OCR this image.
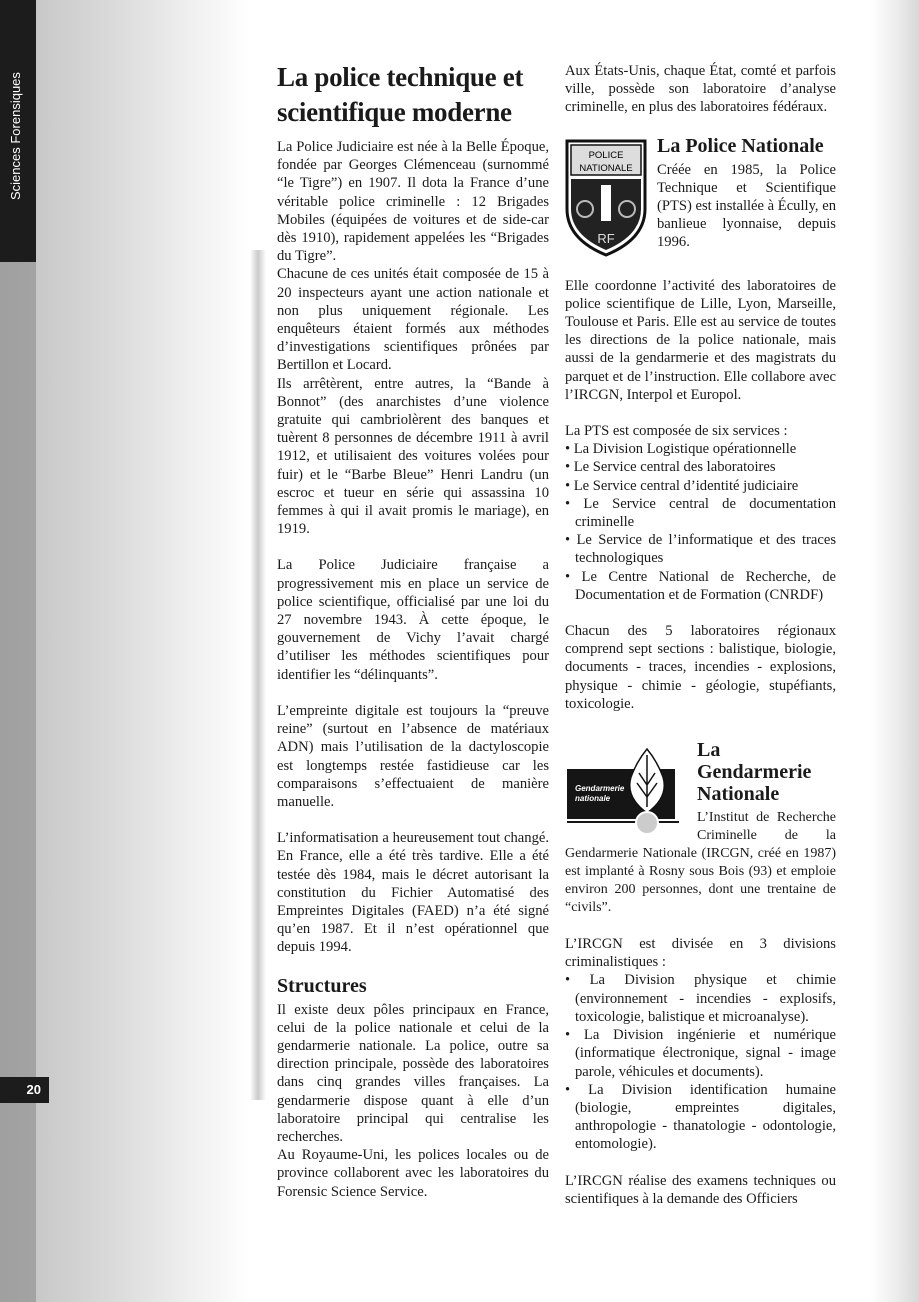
Sciences Forensiques
20
La police technique et scientifique moderne

La Police Judiciaire est née à la Belle Époque, fondée par Georges Clémenceau (surnommé “le Tigre”) en 1907. Il dota la France d’une véritable police criminelle : 12 Brigades Mobiles (équipées de voitures et de side-car dès 1910), rapidement appelées les “Brigades du Tigre”.

Chacune de ces unités était composée de 15 à 20 inspecteurs ayant une action nationale et non plus uniquement régionale. Les enquêteurs étaient formés aux méthodes d’investigations scientifiques prônées par Bertillon et Locard.

Ils arrêtèrent, entre autres, la “Bande à Bonnot” (des anarchistes d’une violence gratuite qui cambriolèrent des banques et tuèrent 8 personnes de décembre 1911 à avril 1912, et utilisaient des voitures volées pour fuir) et le “Barbe Bleue” Henri Landru (un escroc et tueur en série qui assassina 10 femmes à qui il avait promis le mariage), en 1919.

La Police Judiciaire française a progressivement mis en place un service de police scientifique, officialisé par une loi du 27 novembre 1943. À cette époque, le gouvernement de Vichy l’avait chargé d’utiliser les méthodes scientifiques pour identifier les “délinquants”.

L’empreinte digitale est toujours la “preuve reine” (surtout en l’absence de matériaux ADN) mais l’utilisation de la dactyloscopie est longtemps restée fastidieuse car les comparaisons s’effectuaient de manière manuelle.

L’informatisation a heureusement tout changé. En France, elle a été très tardive. Elle a été testée dès 1984, mais le décret autorisant la constitution du Fichier Automatisé des Empreintes Digitales (FAED) n’a été signé qu’en 1987. Et il n’est opérationnel que depuis 1994.

Structures

Il existe deux pôles principaux en France, celui de la police nationale et celui de la gendarmerie nationale. La police, outre sa direction principale, possède des laboratoires dans cinq grandes villes françaises. La gendarmerie dispose quant à elle d’un laboratoire principal qui centralise les recherches.

Au Royaume-Uni, les polices locales ou de province collaborent avec les laboratoires du Forensic Science Service.

Aux États-Unis, chaque État, comté et parfois ville, possède son laboratoire d’analyse criminelle, en plus des laboratoires fédéraux.

POLICE
NATIONALE
RF
La Police Nationale

Créée en 1985, la Police Technique et Scientifique (PTS) est installée à Écully, en banlieue lyonnaise, depuis 1996.

Elle coordonne l’activité des laboratoires de police scientifique de Lille, Lyon, Marseille, Toulouse et Paris. Elle est au service de toutes les directions de la police nationale, mais aussi de la gendarmerie et des magistrats du parquet et de l’instruction. Elle collabore avec l’IRCGN, Interpol et Europol.

La PTS est composée de six services :

• La Division Logistique opérationnelle
• Le Service central des laboratoires
• Le Service central d’identité judiciaire
• Le Service central de documentation criminelle
• Le Service de l’informatique et des traces technologiques
• Le Centre National de Recherche, de Documentation et de Formation (CNRDF)

Chacun des 5 laboratoires régionaux comprend sept sections : balistique, biologie, documents - traces, incendies - explosions, physique - chimie - géologie, stupéfiants, toxicologie.

Gendarmerie
nationale
La Gendarmerie Nationale

L’Institut de Recherche Criminelle de la Gendarmerie Nationale (IRCGN, créé en 1987) est implanté à Rosny sous Bois (93) et emploie environ 200 personnes, dont une trentaine de “civils”.

L’IRCGN est divisée en 3 divisions criminalistiques :

• La Division physique et chimie (environnement - incendies - explosifs, toxicologie, balistique et microanalyse).
• La Division ingénierie et numérique (informatique électronique, signal - image parole, véhicules et documents).
• La Division identification humaine (biologie, empreintes digitales, anthropologie - thanatologie - odontologie, entomologie).

L’IRCGN réalise des examens techniques ou scientifiques à la demande des Officiers
